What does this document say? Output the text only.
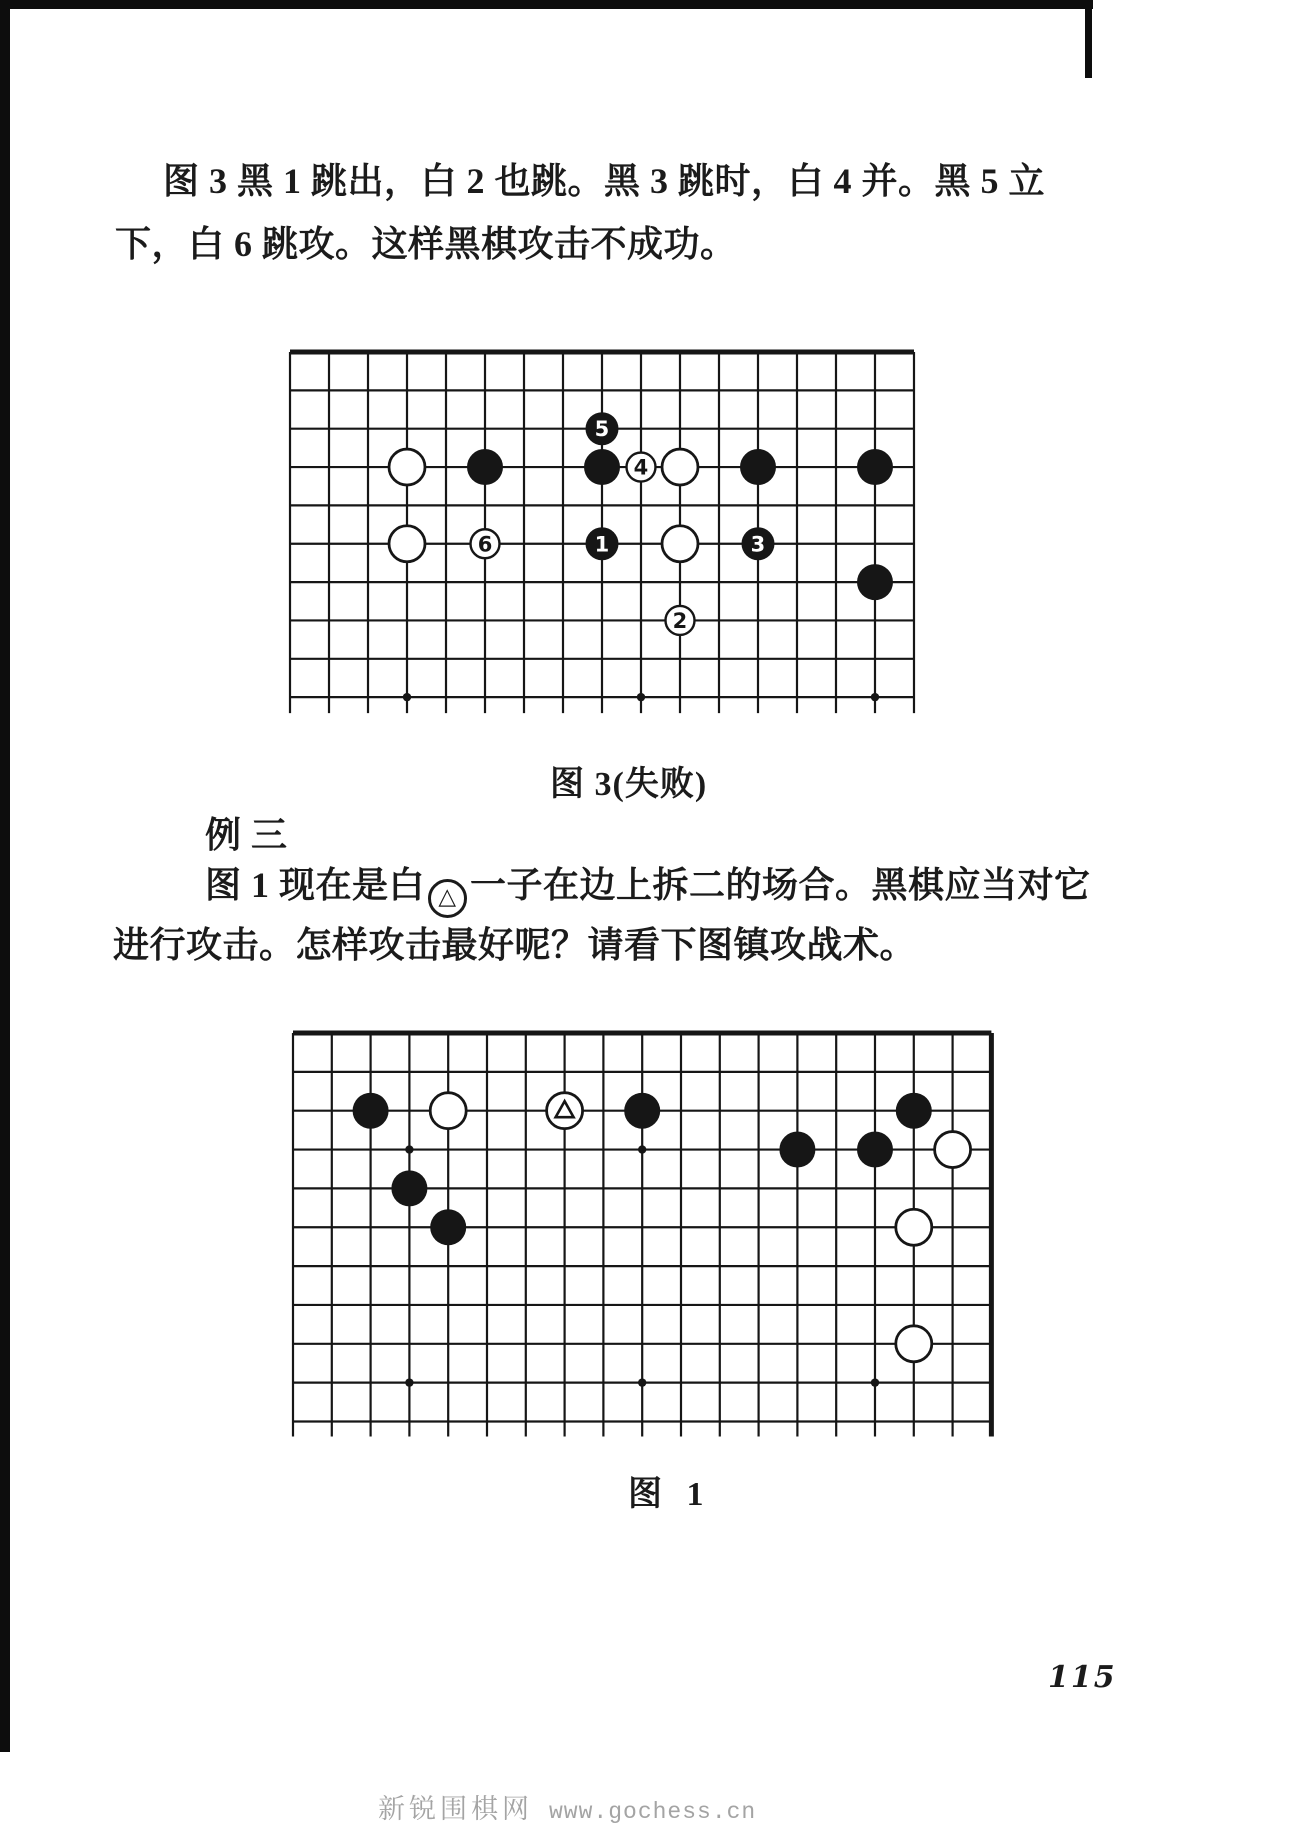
图 3 黑 1 跳出，白 2 也跳。黑 3 跳时，白 4 并。黑 5 立
下，白 6 跳攻。这样黑棋攻击不成功。
5
4
6	1	3
2
图 3(失败)
例 三
图 1 现在是白 △ 一子在边上拆二的场合。黑棋应当对它
进行攻击。怎样攻击最好呢？请看下图镇攻战术。
图 1
115
新锐围棋网 www.gochess.cn
